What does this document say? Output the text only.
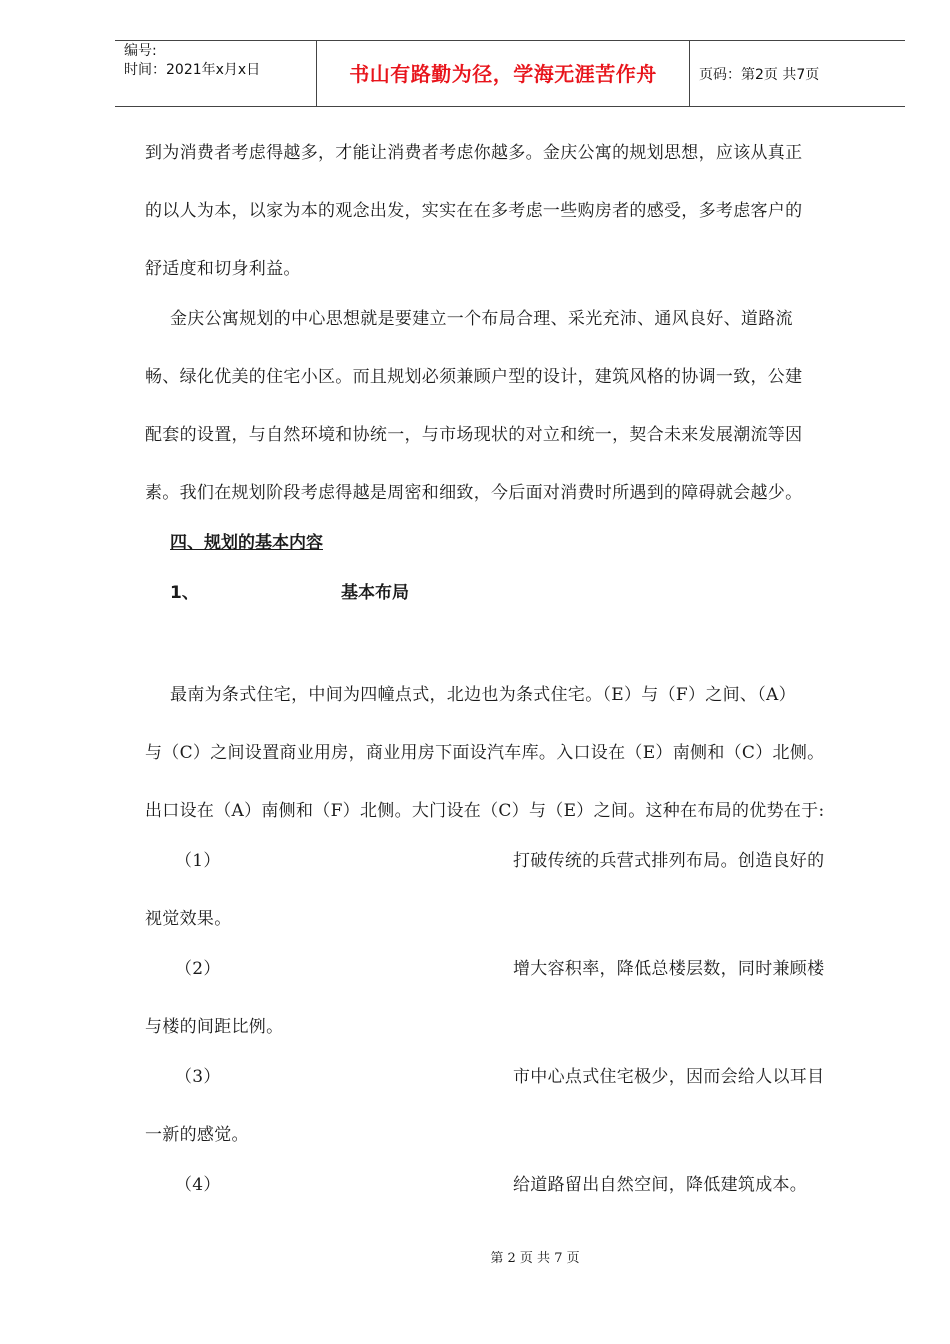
编号:
时间：2021年x月x日	书山有路勤为径，学海无涯苦作舟	页码：第2页 共7页
到为消费者考虑得越多，才能让消费者考虑你越多。金庆公寓的规划思想，应该从真正
的以人为本，以家为本的观念出发，实实在在多考虑一些购房者的感受，多考虑客户的
舒适度和切身利益。
金庆公寓规划的中心思想就是要建立一个布局合理、采光充沛、通风良好、道路流
畅、绿化优美的住宅小区。而且规划必须兼顾户型的设计，建筑风格的协调一致，公建
配套的设置，与自然环境和协统一，与市场现状的对立和统一，契合未来发展潮流等因
素。我们在规划阶段考虑得越是周密和细致，今后面对消费时所遇到的障碍就会越少。
四、规划的基本内容
1、	基本布局
最南为条式住宅，中间为四幢点式，北边也为条式住宅。（E）与（F）之间、（A）
与（C）之间设置商业用房，商业用房下面设汽车库。入口设在（E）南侧和（C）北侧。
出口设在（A）南侧和（F）北侧。大门设在（C）与（E）之间。这种在布局的优势在于:
（1）	打破传统的兵营式排列布局。创造良好的
视觉效果。
（2）	增大容积率，降低总楼层数，同时兼顾楼
与楼的间距比例。
（3）	市中心点式住宅极少，因而会给人以耳目
一新的感觉。
（4）	给道路留出自然空间，降低建筑成本。
第 2 页 共 7 页
